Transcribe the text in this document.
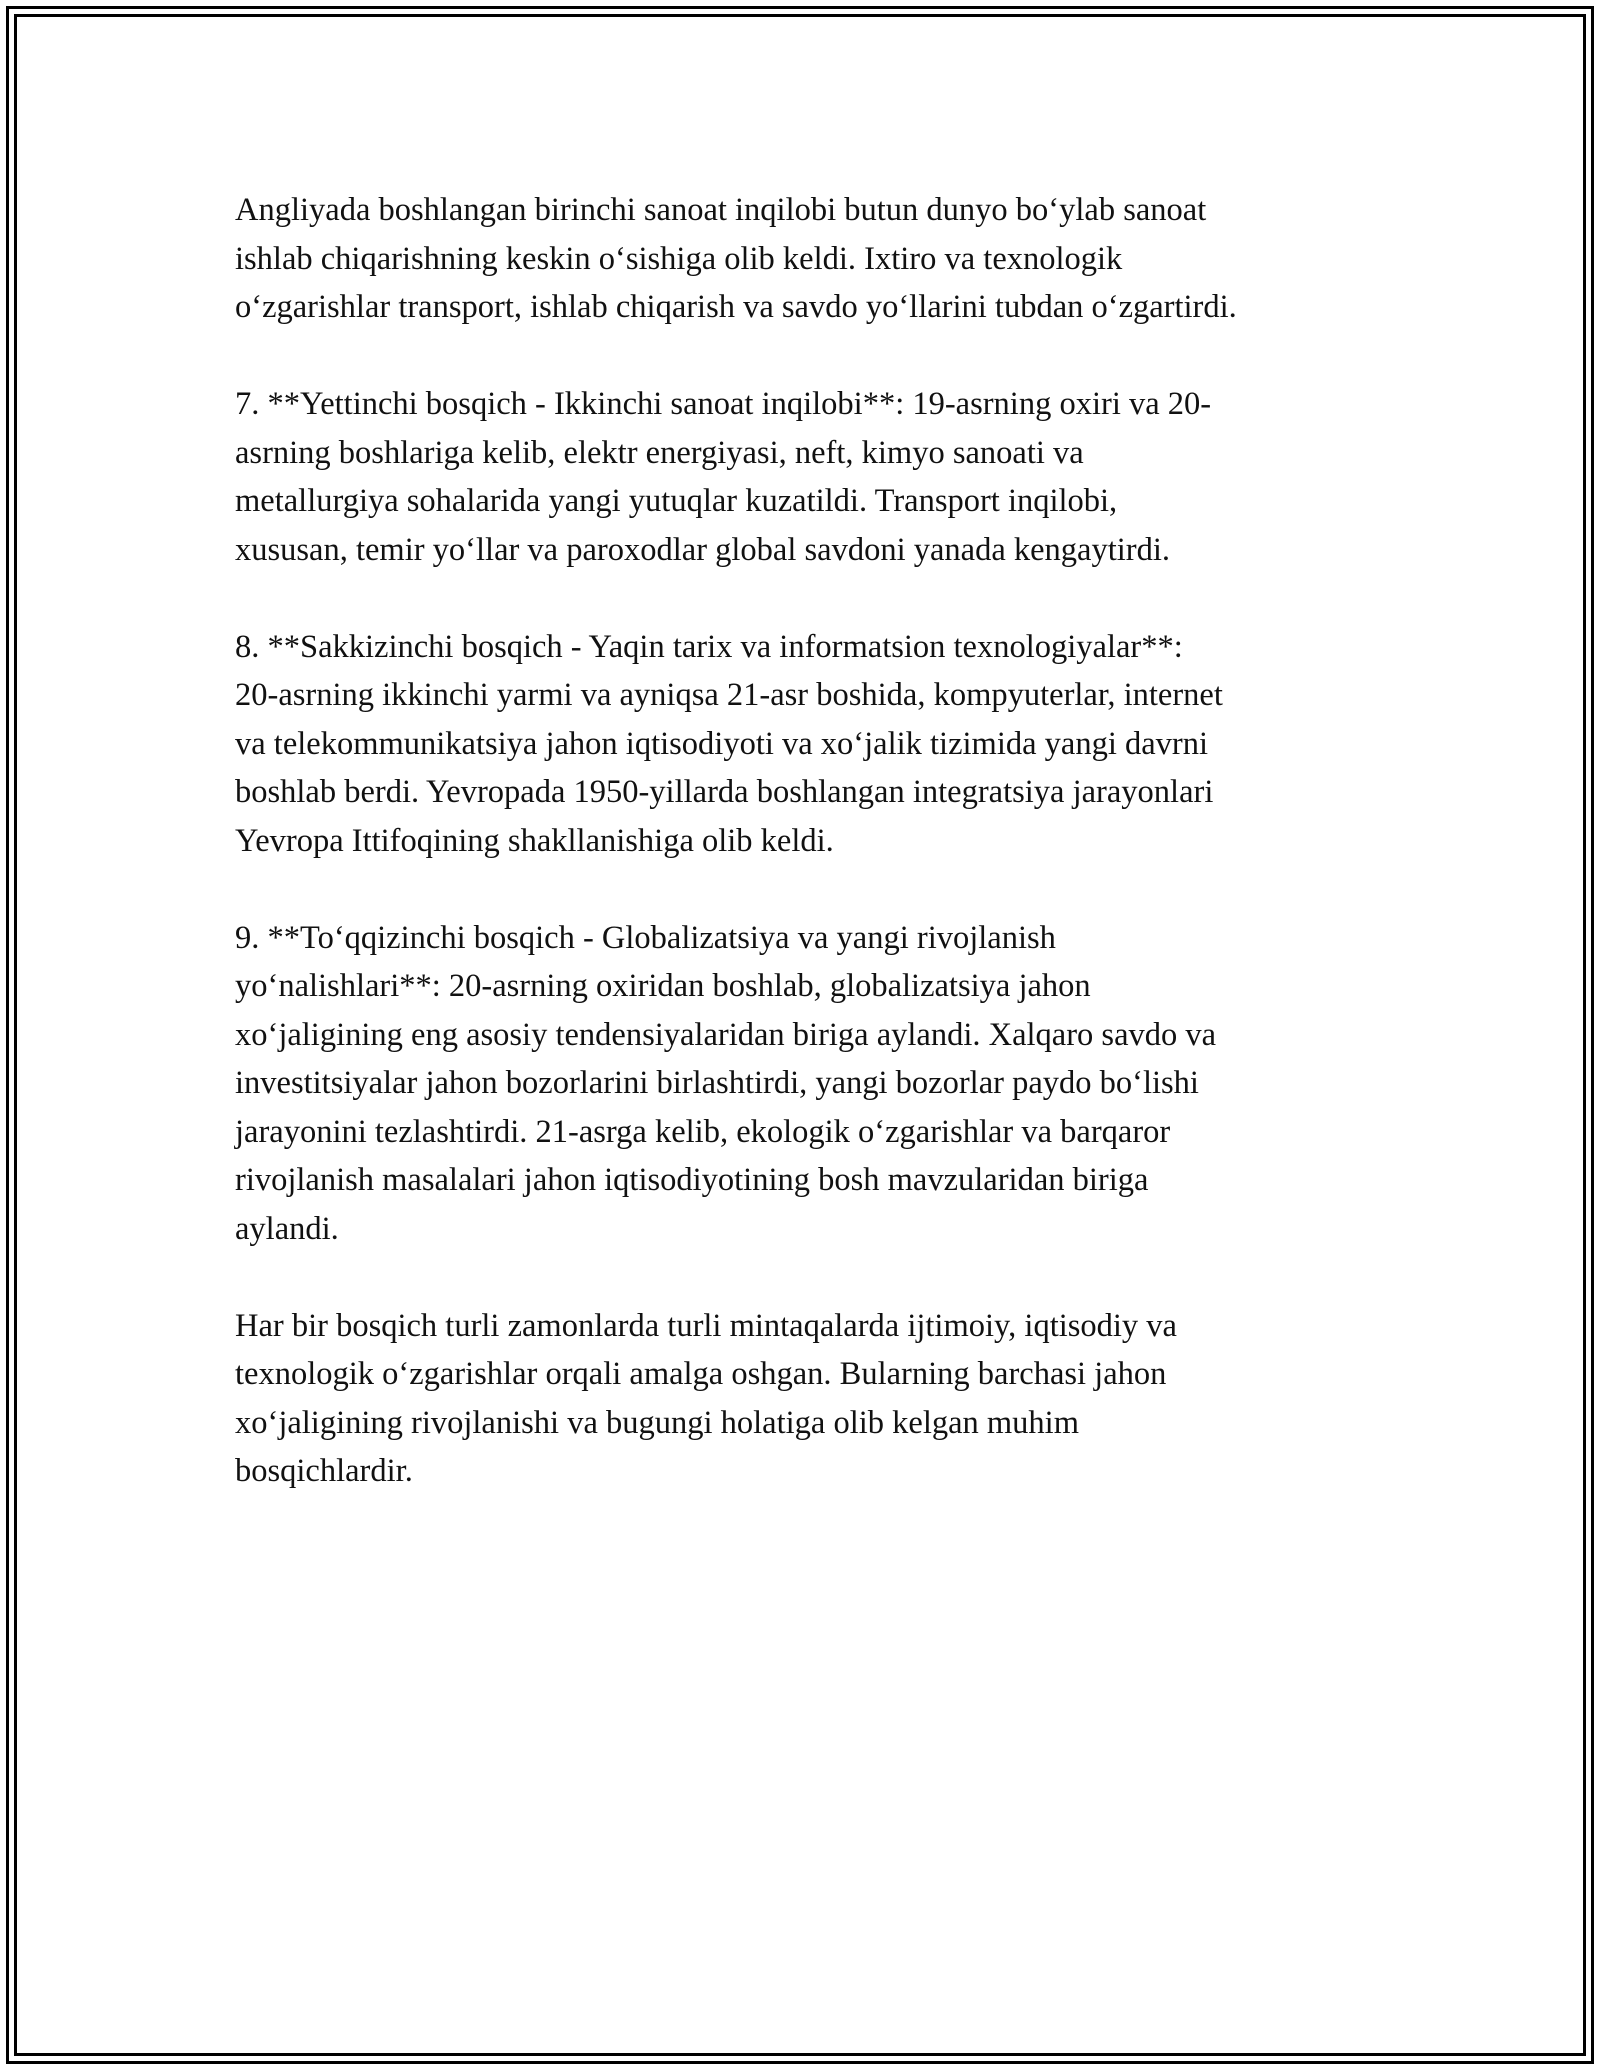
Angliyada boshlangan birinchi sanoat inqilobi butun dunyo bo‘ylab sanoat
ishlab chiqarishning keskin o‘sishiga olib keldi. Ixtiro va texnologik
o‘zgarishlar transport, ishlab chiqarish va savdo yo‘llarini tubdan o‘zgartirdi.

7. **Yettinchi bosqich - Ikkinchi sanoat inqilobi**: 19-asrning oxiri va 20-
asrning boshlariga kelib, elektr energiyasi, neft, kimyo sanoati va
metallurgiya sohalarida yangi yutuqlar kuzatildi. Transport inqilobi,
xususan, temir yo‘llar va paroxodlar global savdoni yanada kengaytirdi.

8. **Sakkizinchi bosqich - Yaqin tarix va informatsion texnologiyalar**:
20-asrning ikkinchi yarmi va ayniqsa 21-asr boshida, kompyuterlar, internet
va telekommunikatsiya jahon iqtisodiyoti va xo‘jalik tizimida yangi davrni
boshlab berdi. Yevropada 1950-yillarda boshlangan integratsiya jarayonlari
Yevropa Ittifoqining shakllanishiga olib keldi.

9. **To‘qqizinchi bosqich - Globalizatsiya va yangi rivojlanish
yo‘nalishlari**: 20-asrning oxiridan boshlab, globalizatsiya jahon
xo‘jaligining eng asosiy tendensiyalaridan biriga aylandi. Xalqaro savdo va
investitsiyalar jahon bozorlarini birlashtirdi, yangi bozorlar paydo bo‘lishi
jarayonini tezlashtirdi. 21-asrga kelib, ekologik o‘zgarishlar va barqaror
rivojlanish masalalari jahon iqtisodiyotining bosh mavzularidan biriga
aylandi.

Har bir bosqich turli zamonlarda turli mintaqalarda ijtimoiy, iqtisodiy va
texnologik o‘zgarishlar orqali amalga oshgan. Bularning barchasi jahon
xo‘jaligining rivojlanishi va bugungi holatiga olib kelgan muhim
bosqichlardir.
